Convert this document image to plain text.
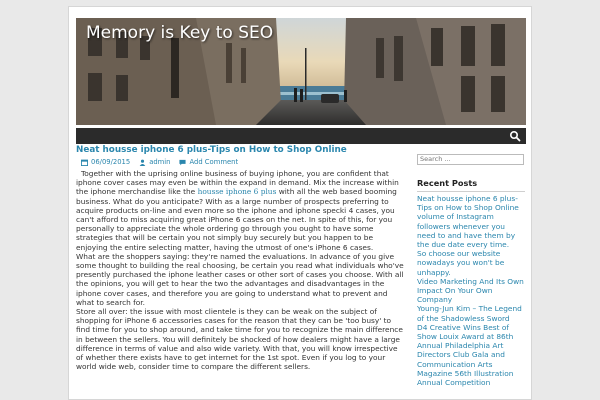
Memory is Key to SEO
Neat housse iphone 6 plus-Tips on How to Shop Online
06/09/2015	admin	Add Comment

Together with the uprising online business of buying iphone, you are confident that iphone cover cases may even be within the expand in demand. Mix the increase within the iphone merchandise like the housse iphone 6 plus with all the web based booming business. What do you anticipate? With as a large number of prospects preferring to acquire products on-line and even more so the iphone and iphone specki 4 cases, you can't afford to miss acquiring great iPhone 6 cases on the net. In spite of this, for you personally to appreciate the whole ordering go through you ought to have some strategies that will be certain you not simply buy securely but you happen to be enjoying the entire selecting matter, having the utmost of one's iPhone 6 cases.

What are the shoppers saying: they're named the evaluations. In advance of you give some thought to building the real choosing, be certain you read what individuals who've presently purchased the iphone leather cases or other sort of cases you choose. With all the opinions, you will get to hear the two the advantages and disadvantages in the iphone cover cases, and therefore you are going to understand what to prevent and what to search for.

Store all over: the issue with most clientele is they can be weak on the subject of shopping for iPhone 6 accessories cases for the reason that they can be 'too busy' to find time for you to shop around, and take time for you to recognize the main difference in between the sellers. You will definitely be shocked of how dealers might have a large difference in terms of value and also wide variety. With that, you will know irrespective of whether there exists have to get internet for the 1st spot. Even if you log to your world wide web, consider time to compare the different sellers.

Search ...
Recent Posts
Neat housse iphone 6 plus-Tips on How to Shop Online
volume of Instagram followers whenever you need to and have them by the due date every time.
So choose our website nowadays you won't be unhappy.
Video Marketing And Its Own Impact On Your Own Company
Young-Jun Kim – The Legend of the Shadowless Sword
D4 Creative Wins Best of Show Louix Award at 86th Annual Philadelphia Art Directors Club Gala and Communication Arts Magazine 56th Illustration Annual Competition
